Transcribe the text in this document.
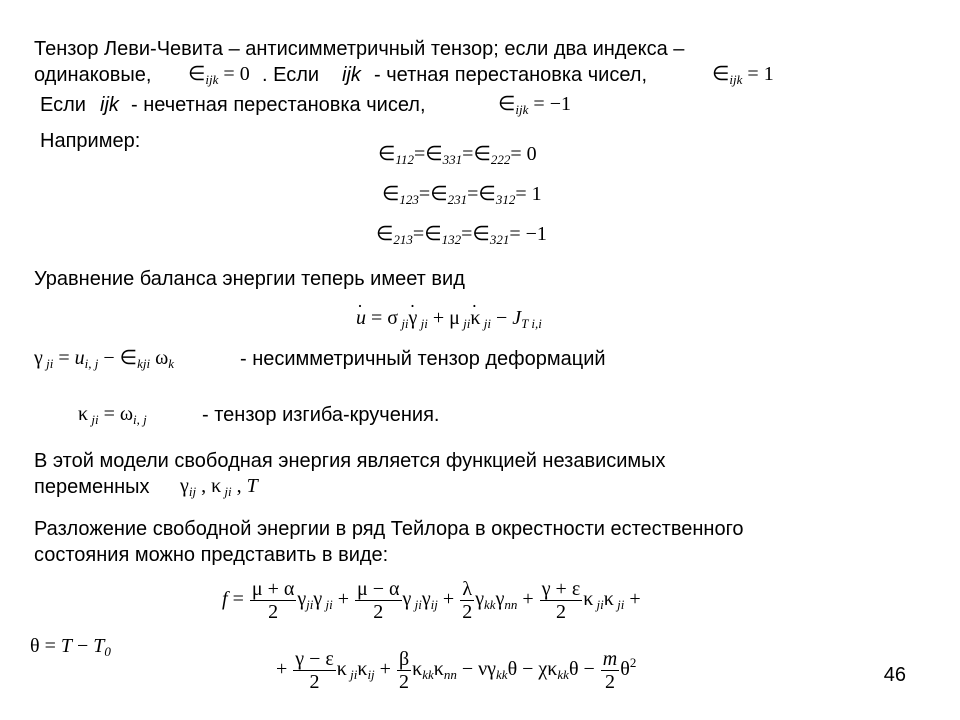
Тензор Леви-Чевита – антисимметричный тензор; если два индекса –
одинаковые, $\in_{ijk} = 0$ . Если ijk - четная перестановка чисел,	$\in_{ijk} = 1$
Если ijk - нечетная перестановка чисел,	$\in_{ijk} = -1$
Например:
$\in_{112}=\in_{331}=\in_{222}= 0$
$\in_{123}=\in_{231}=\in_{312}= 1$
$\in_{213}=\in_{132}=\in_{321}= -1$
Уравнение баланса энергии теперь имеет вид
· u = σ $_{ji}$· γ $_{ji}$ + μ $_{ji}$· κ $_{ji} - J_{T i,i}$
γ $_{ji} = u_{i, j}$ − $\in_{kji}$ $\omega_k$	- несимметричный тензор деформаций
κ $_{ji} = \omega_{i, j}$	- тензор изгиба-кручения.
В этой модели свободная энергия является функцией независимых
переменных $\gamma_{ij}$ , κ $_{ji}$ , T
Разложение свободной энергии в ряд Тейлора в окрестности естественного
состояния можно представить в виде:
$f = \frac{\mu + \alpha}{2} \gamma_{ji}\gamma$ $_{ji} + \frac{\mu - \alpha}{2}$ γ $_{ji}\gamma_{ij} + \frac{\lambda}{2} \gamma_{kk}\gamma_{nn} + \frac{\gamma + \varepsilon}{2}$ κ $_{ji}$κ $_{ji}$ +
$\theta = T - T_0$
+ $\frac{\gamma - \varepsilon}{2}$ κ $_{ji}\kappa_{ij} + \frac{\beta}{2} \kappa_{kk}\kappa_{nn} - \nu\gamma_{kk}\theta - \chi\kappa_{kk}\theta - \frac{m}{2} \theta^2$
46
